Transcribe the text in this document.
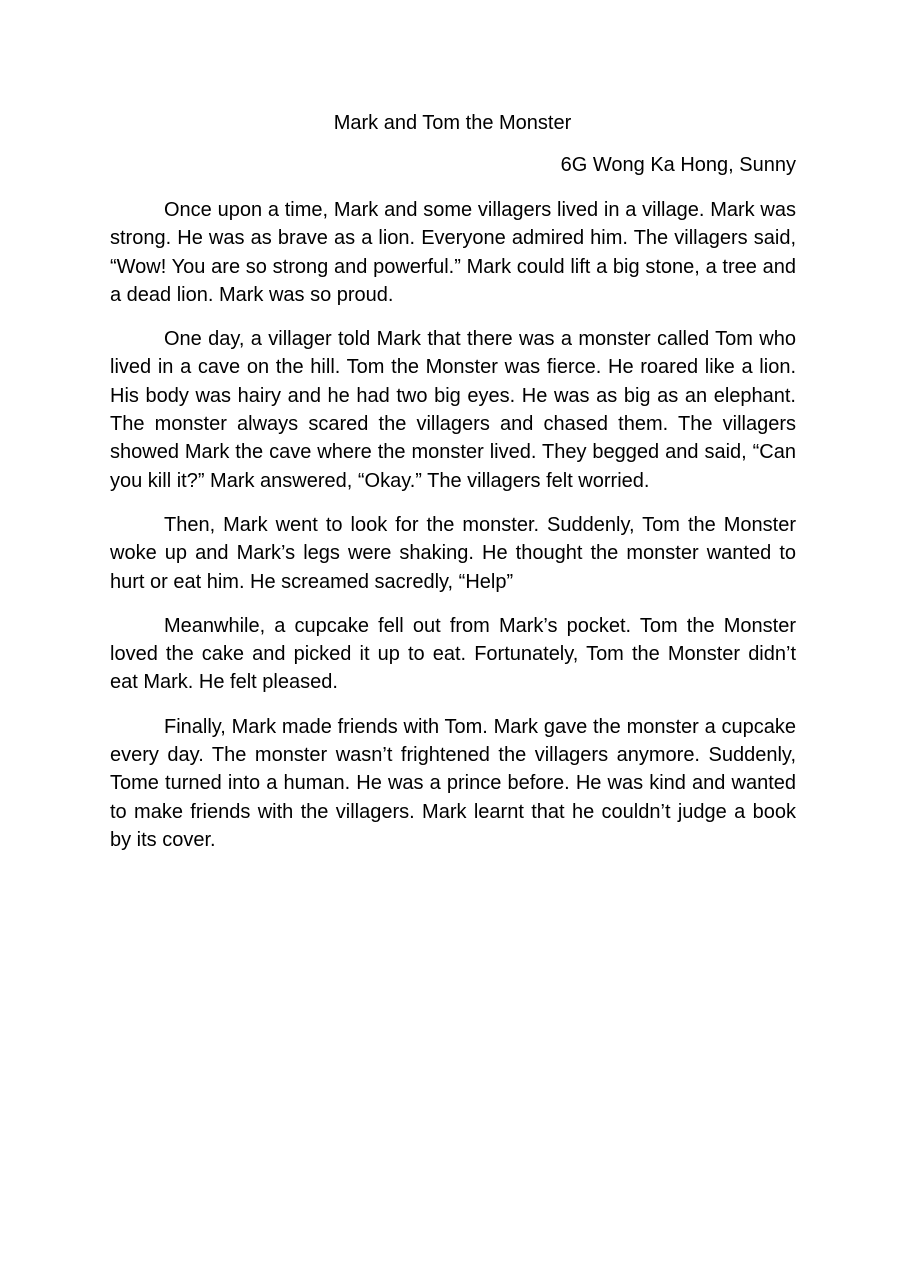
Mark and Tom the Monster
6G Wong Ka Hong, Sunny

Once upon a time, Mark and some villagers lived in a village. Mark was strong. He was as brave as a lion. Everyone admired him. The villagers said, “Wow! You are so strong and powerful.” Mark could lift a big stone, a tree and a dead lion. Mark was so proud.

One day, a villager told Mark that there was a monster called Tom who lived in a cave on the hill. Tom the Monster was fierce. He roared like a lion. His body was hairy and he had two big eyes. He was as big as an elephant. The monster always scared the villagers and chased them. The villagers showed Mark the cave where the monster lived. They begged and said, “Can you kill it?” Mark answered, “Okay.” The villagers felt worried.

Then, Mark went to look for the monster. Suddenly, Tom the Monster woke up and Mark’s legs were shaking. He thought the monster wanted to hurt or eat him. He screamed sacredly, “Help”

Meanwhile, a cupcake fell out from Mark’s pocket. Tom the Monster loved the cake and picked it up to eat. Fortunately, Tom the Monster didn’t eat Mark. He felt pleased.

Finally, Mark made friends with Tom. Mark gave the monster a cupcake every day. The monster wasn’t frightened the villagers anymore. Suddenly, Tome turned into a human. He was a prince before. He was kind and wanted to make friends with the villagers. Mark learnt that he couldn’t judge a book by its cover.
